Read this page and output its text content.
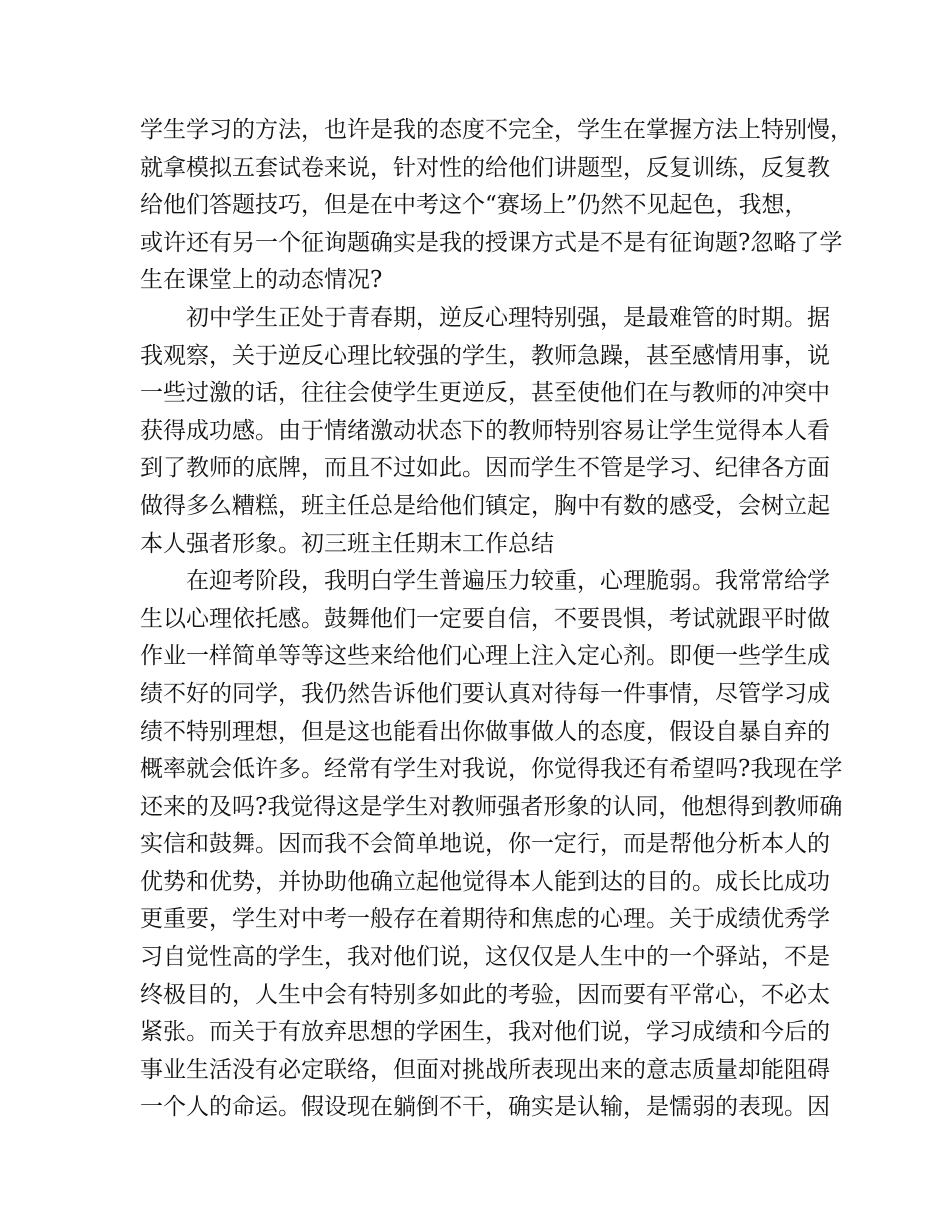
学生学习的方法，也许是我的态度不完全，学生在掌握方法上特别慢，
就拿模拟五套试卷来说，针对性的给他们讲题型，反复训练，反复教
给他们答题技巧，但是在中考这个“赛场上”仍然不见起色，我想，
或许还有另一个征询题确实是我的授课方式是不是有征询题?忽略了学
生在课堂上的动态情况?
初中学生正处于青春期，逆反心理特别强，是最难管的时期。据
我观察，关于逆反心理比较强的学生，教师急躁，甚至感情用事，说
一些过激的话，往往会使学生更逆反，甚至使他们在与教师的冲突中
获得成功感。由于情绪激动状态下的教师特别容易让学生觉得本人看
到了教师的底牌，而且不过如此。因而学生不管是学习、纪律各方面
做得多么糟糕，班主任总是给他们镇定，胸中有数的感受，会树立起
本人强者形象。初三班主任期末工作总结
在迎考阶段，我明白学生普遍压力较重，心理脆弱。我常常给学
生以心理依托感。鼓舞他们一定要自信，不要畏惧，考试就跟平时做
作业一样简单等等这些来给他们心理上注入定心剂。即便一些学生成
绩不好的同学，我仍然告诉他们要认真对待每一件事情，尽管学习成
绩不特别理想，但是这也能看出你做事做人的态度，假设自暴自弃的
概率就会低许多。经常有学生对我说，你觉得我还有希望吗?我现在学
还来的及吗?我觉得这是学生对教师强者形象的认同，他想得到教师确
实信和鼓舞。因而我不会简单地说，你一定行，而是帮他分析本人的
优势和优势，并协助他确立起他觉得本人能到达的目的。成长比成功
更重要，学生对中考一般存在着期待和焦虑的心理。关于成绩优秀学
习自觉性高的学生，我对他们说，这仅仅是人生中的一个驿站，不是
终极目的，人生中会有特别多如此的考验，因而要有平常心，不必太
紧张。而关于有放弃思想的学困生，我对他们说，学习成绩和今后的
事业生活没有必定联络，但面对挑战所表现出来的意志质量却能阻碍
一个人的命运。假设现在躺倒不干，确实是认输，是懦弱的表现。因
